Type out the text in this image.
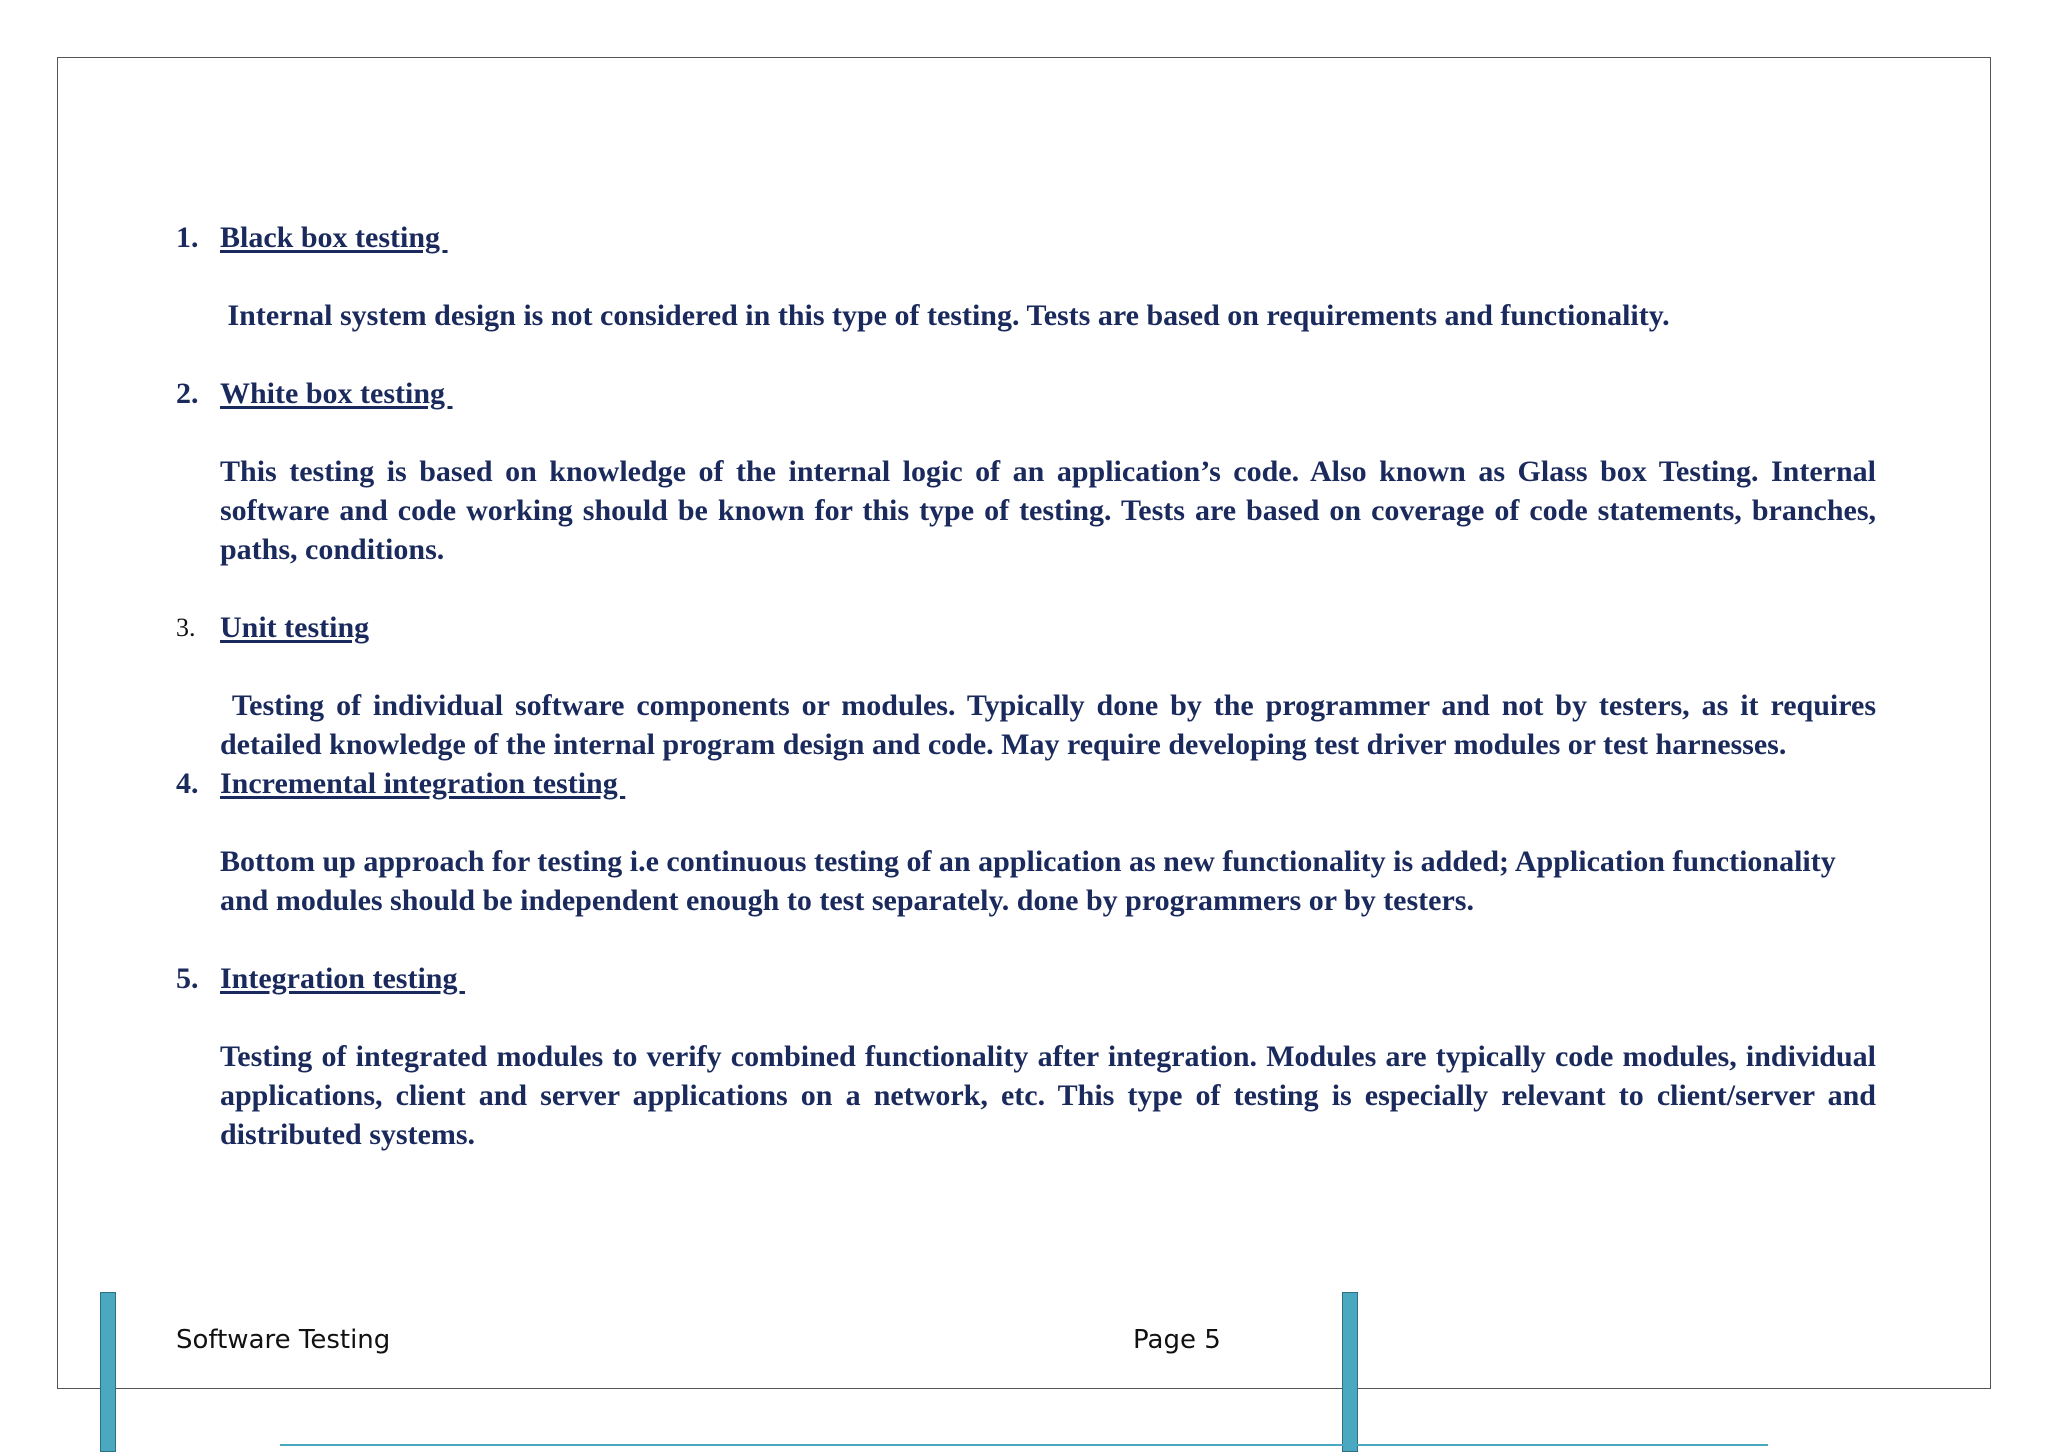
1. Black box testing
Internal system design is not considered in this type of testing. Tests are based on requirements and functionality.
2. White box testing
This testing is based on knowledge of the internal logic of an application’s code. Also known as Glass box Testing. Internal software and code working should be known for this type of testing. Tests are based on coverage of code statements, branches, paths, conditions.
3. Unit testing
Testing of individual software components or modules. Typically done by the programmer and not by testers, as it requires detailed knowledge of the internal program design and code. May require developing test driver modules or test harnesses.
4. Incremental integration testing
Bottom up approach for testing i.e continuous testing of an application as new functionality is added; Application functionality and modules should be independent enough to test separately. done by programmers or by testers.
5. Integration testing
Testing of integrated modules to verify combined functionality after integration. Modules are typically code modules, individual applications, client and server applications on a network, etc. This type of testing is especially relevant to client/server and distributed systems.
Software Testing	Page 5
